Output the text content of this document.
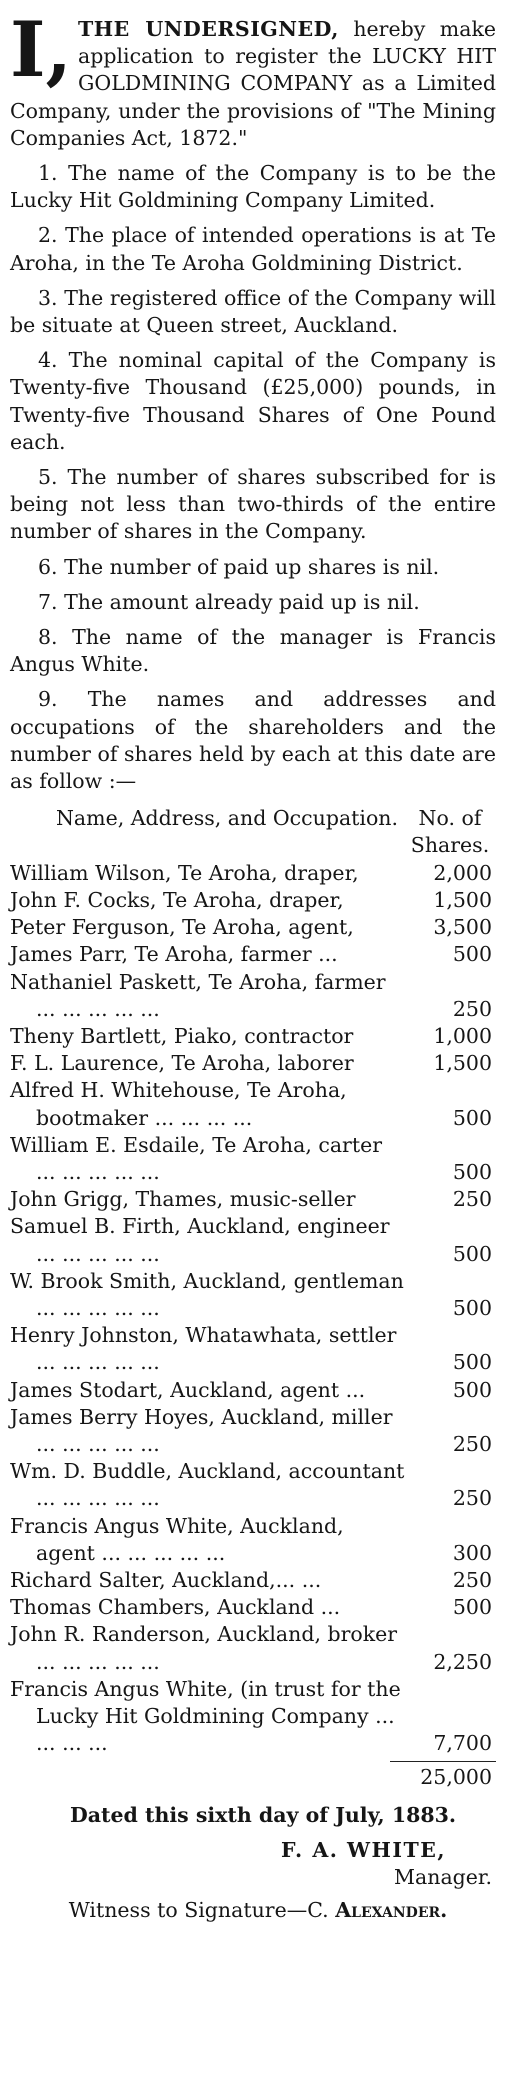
I, THE UNDERSIGNED, hereby make application to register the LUCKY HIT GOLDMINING COMPANY as a Limited Company, under the provisions of "The Mining Companies Act, 1872."

1. The name of the Company is to be the Lucky Hit Goldmining Company Limited.

2. The place of intended operations is at Te Aroha, in the Te Aroha Goldmining District.

3. The registered office of the Company will be situate at Queen street, Auckland.

4. The nominal capital of the Company is Twenty-five Thousand (£25,000) pounds, in Twenty-five Thousand Shares of One Pound each.

5. The number of shares subscribed for is being not less than two-thirds of the entire number of shares in the Company.

6. The number of paid up shares is nil.

7. The amount already paid up is nil.

8. The name of the manager is Francis Angus White.

9. The names and addresses and occupations of the shareholders and the number of shares held by each at this date are as follow :—

Name, Address, and Occupation.	No. of Shares.
William Wilson, Te Aroha, draper,	2,000
John F. Cocks, Te Aroha, draper,	1,500
Peter Ferguson, Te Aroha, agent,	3,500
James Parr, Te Aroha, farmer ...	500
Nathaniel Paskett, Te Aroha, farmer ... ... ... ... ...	250
Theny Bartlett, Piako, contractor	1,000
F. L. Laurence, Te Aroha, laborer	1,500
Alfred H. Whitehouse, Te Aroha, bootmaker ... ... ... ...	500
William E. Esdaile, Te Aroha, carter ... ... ... ... ...	500
John Grigg, Thames, music-seller	250
Samuel B. Firth, Auckland, engineer ... ... ... ... ...	500
W. Brook Smith, Auckland, gentleman ... ... ... ... ...	500
Henry Johnston, Whatawhata, settler ... ... ... ... ...	500
James Stodart, Auckland, agent ...	500
James Berry Hoyes, Auckland, miller ... ... ... ... ...	250
Wm. D. Buddle, Auckland, accountant ... ... ... ... ...	250
Francis Angus White, Auckland, agent ... ... ... ... ...	300
Richard Salter, Auckland,... ...	250
Thomas Chambers, Auckland ...	500
John R. Randerson, Auckland, broker ... ... ... ... ...	2,250
Francis Angus White, (in trust for the Lucky Hit Goldmining Company ... ... ... ...	7,700
25,000
Dated this sixth day of July, 1883.
F. A. WHITE,
Manager.
Witness to Signature—C. Alexander.
